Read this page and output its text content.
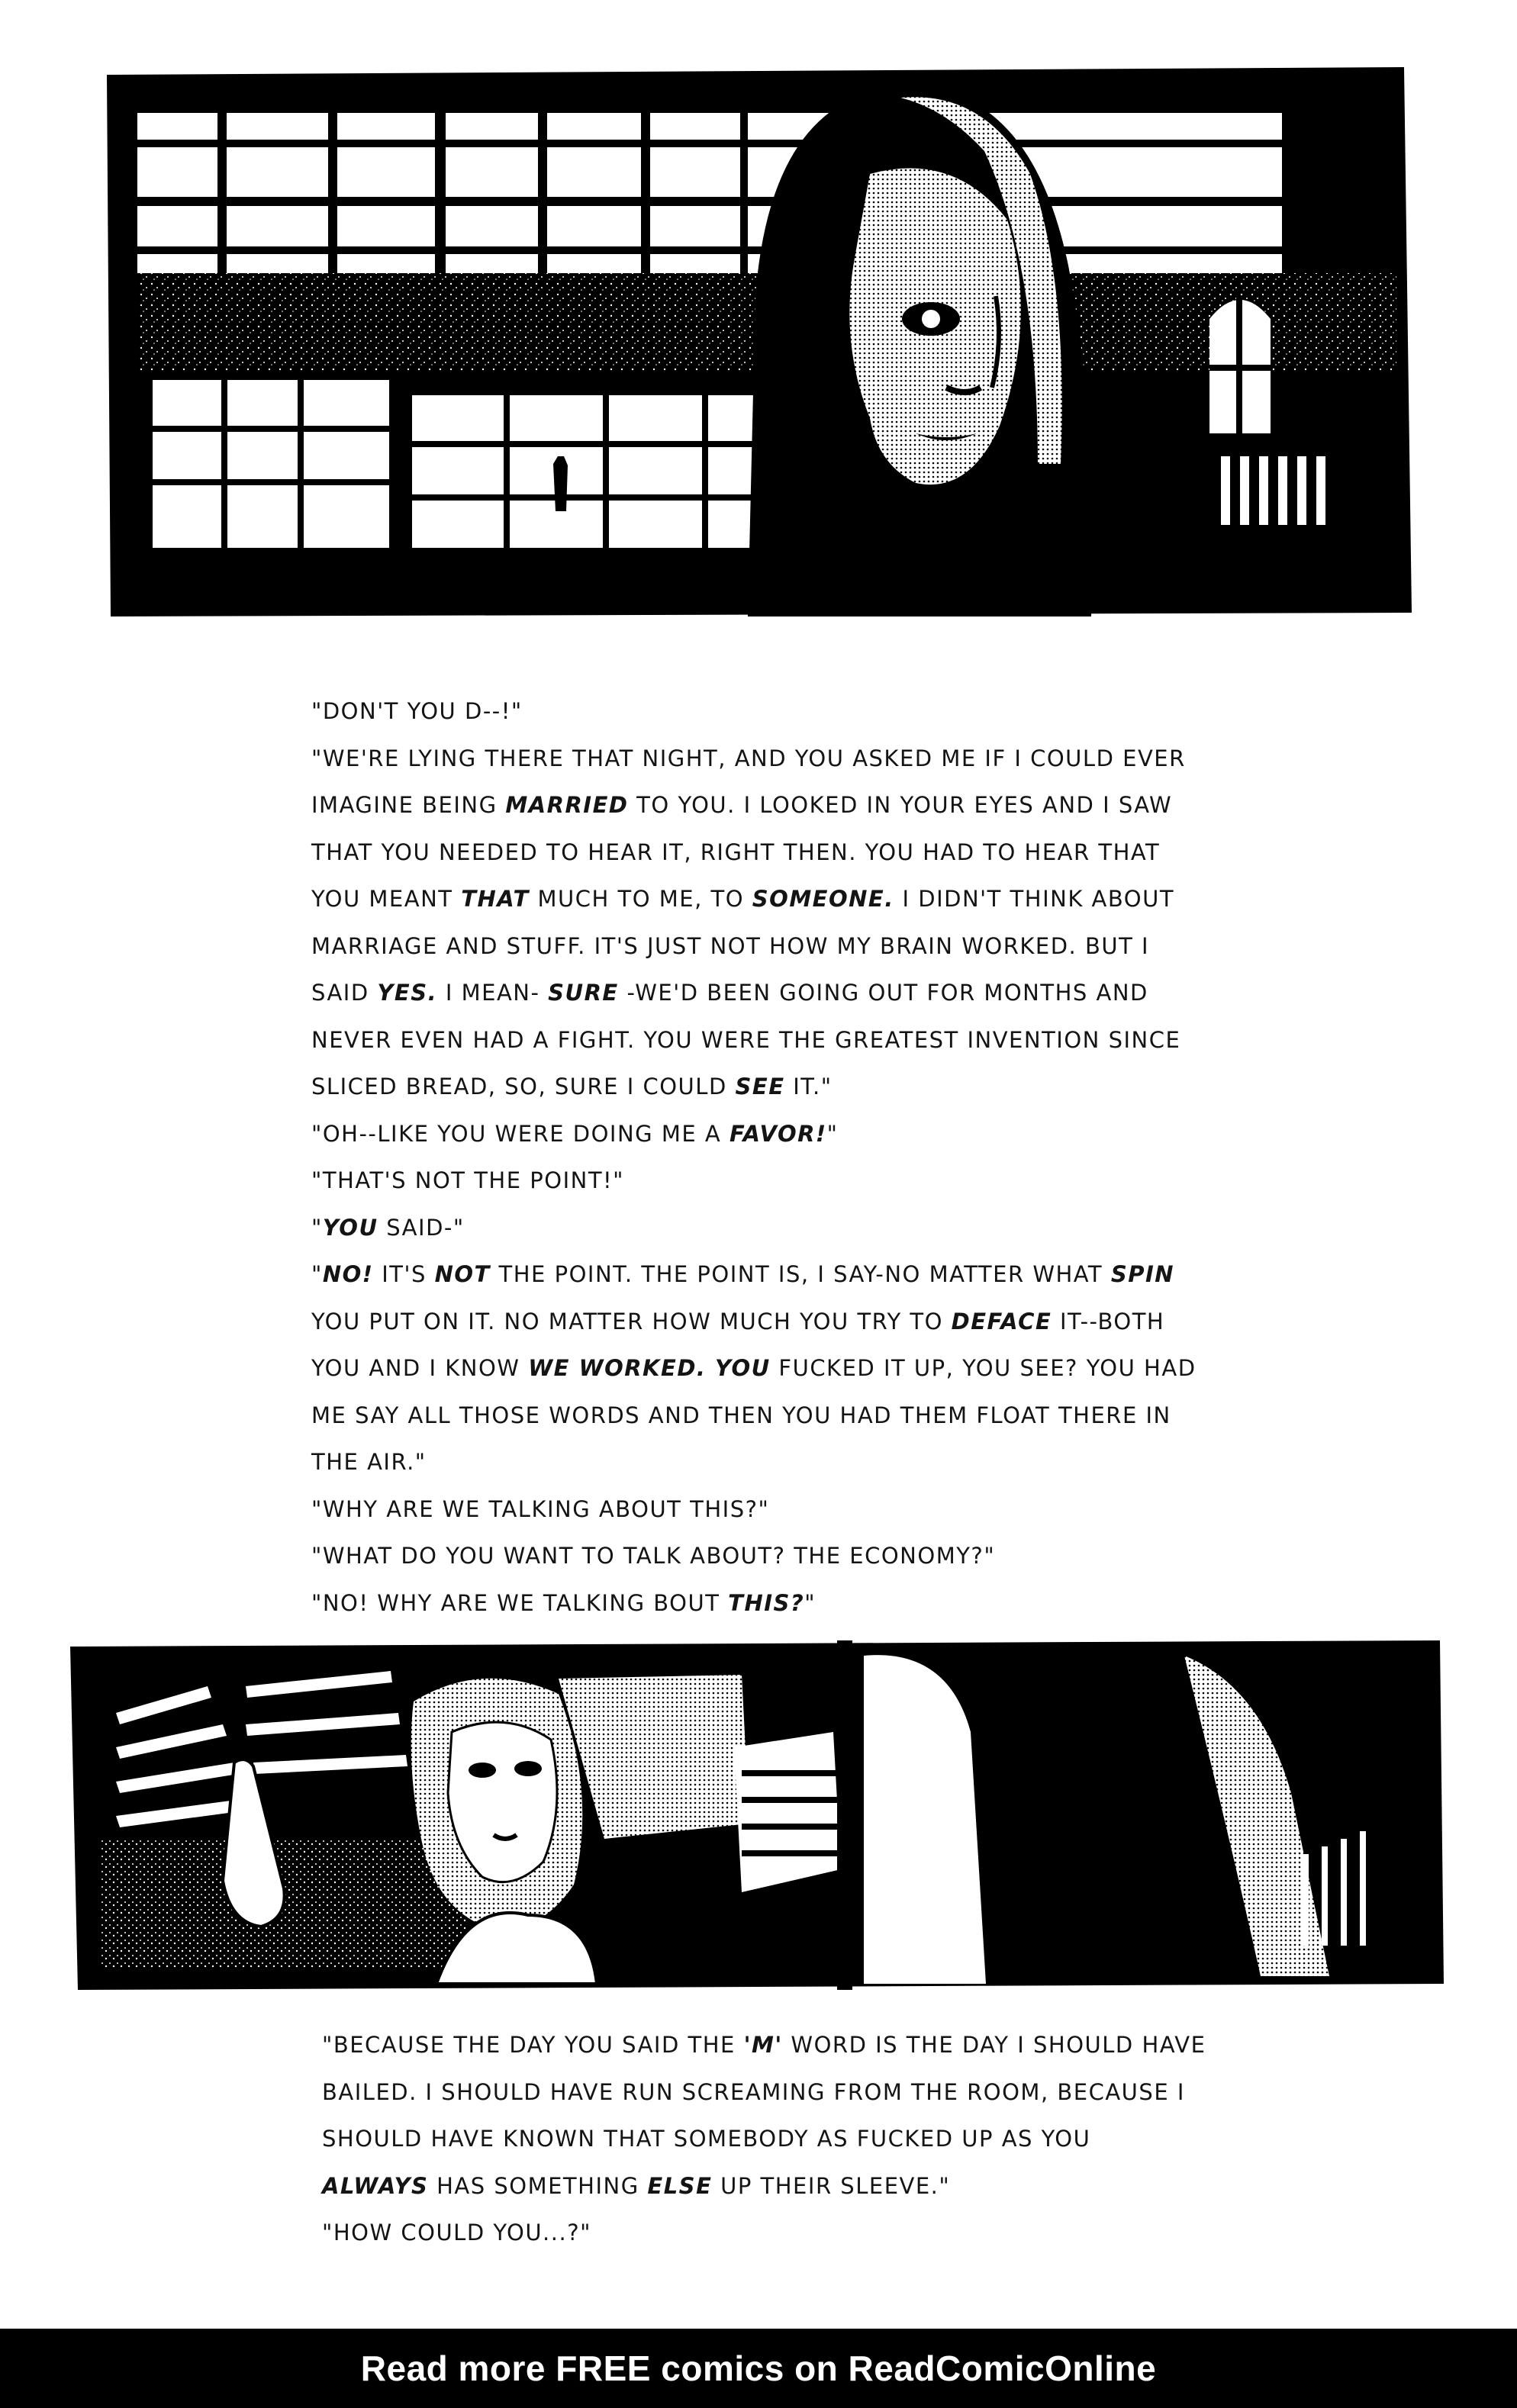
"DON'T YOU D--!"

"WE'RE LYING THERE THAT NIGHT, AND YOU ASKED ME IF I COULD EVER

IMAGINE BEING MARRIED TO YOU. I LOOKED IN YOUR EYES AND I SAW

THAT YOU NEEDED TO HEAR IT, RIGHT THEN. YOU HAD TO HEAR THAT

YOU MEANT THAT MUCH TO ME, TO SOMEONE. I DIDN'T THINK ABOUT

MARRIAGE AND STUFF. IT'S JUST NOT HOW MY BRAIN WORKED. BUT I

SAID YES. I MEAN- SURE -WE'D BEEN GOING OUT FOR MONTHS AND

NEVER EVEN HAD A FIGHT. YOU WERE THE GREATEST INVENTION SINCE

SLICED BREAD, SO, SURE I COULD SEE IT."

"OH--LIKE YOU WERE DOING ME A FAVOR!"

"THAT'S NOT THE POINT!"

"YOU SAID-"

"NO! IT'S NOT THE POINT. THE POINT IS, I SAY-NO MATTER WHAT SPIN

YOU PUT ON IT. NO MATTER HOW MUCH YOU TRY TO DEFACE IT--BOTH

YOU AND I KNOW WE WORKED. YOU FUCKED IT UP, YOU SEE? YOU HAD

ME SAY ALL THOSE WORDS AND THEN YOU HAD THEM FLOAT THERE IN

THE AIR."

"WHY ARE WE TALKING ABOUT THIS?"

"WHAT DO YOU WANT TO TALK ABOUT? THE ECONOMY?"

"NO! WHY ARE WE TALKING BOUT THIS?"

"BECAUSE THE DAY YOU SAID THE 'M' WORD IS THE DAY I SHOULD HAVE

BAILED. I SHOULD HAVE RUN SCREAMING FROM THE ROOM, BECAUSE I

SHOULD HAVE KNOWN THAT SOMEBODY AS FUCKED UP AS YOU

ALWAYS HAS SOMETHING ELSE UP THEIR SLEEVE."

"HOW COULD YOU...?"

Read more FREE comics on ReadComicOnline
